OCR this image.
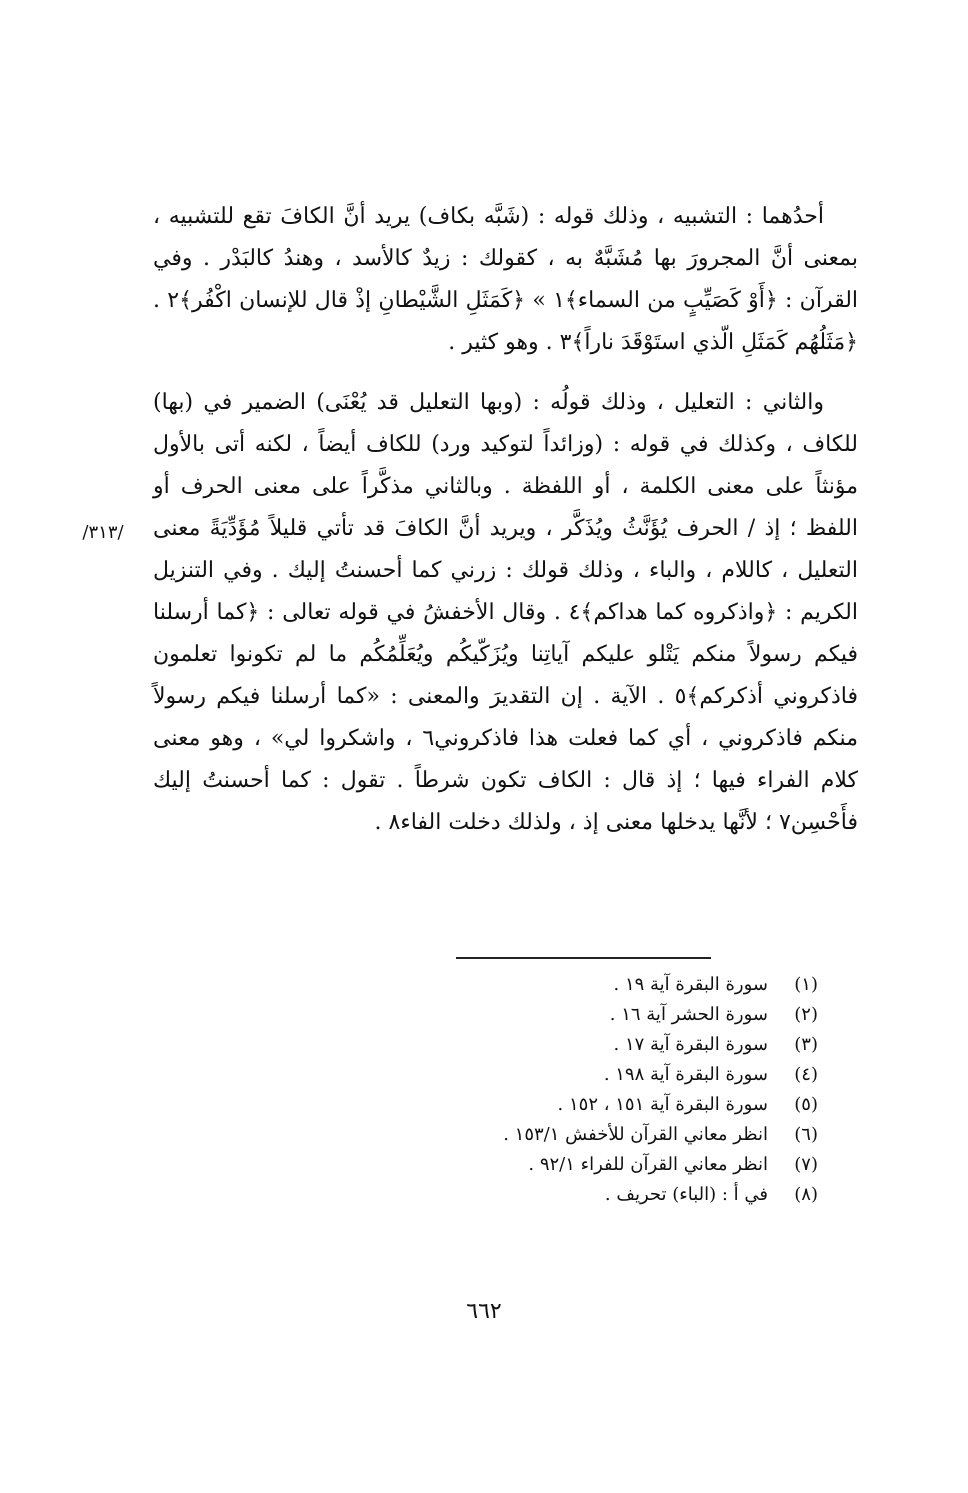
/٣١٣/

أحدُهما : التشبيه ، وذلك قوله : (شَبَّه بكاف) يريد أنَّ الكافَ تقع للتشبيه ، بمعنى أنَّ المجرورَ بها مُشَبَّهٌ به ، كقولك : زيدٌ كالأسد ، وهندُ كالبَدْر . وفي القرآن : ﴿أَوْ كَصَيِّبٍ من السماء﴾١ » ﴿كَمَثَلِ الشَّيْطانِ إذْ قال للإنسان اكْفُر﴾٢ . ﴿مَثَلُهُم كَمَثَلِ الّذي استَوْقَدَ ناراً﴾٣ . وهو كثير .

والثاني : التعليل ، وذلك قولُه : (وبها التعليل قد يُعْنَى) الضمير في (بها) للكاف ، وكذلك في قوله : (وزائداً لتوكيد ورد) للكاف أيضاً ، لكنه أتى بالأول مؤنثاً على معنى الكلمة ، أو اللفظة . وبالثاني مذكَّراً على معنى الحرف أو اللفظ ؛ إذ / الحرف يُؤَنَّثُ ويُذَكَّر ، ويريد أنَّ الكافَ قد تأتي قليلاً مُؤَدِّيَةً معنى التعليل ، كاللام ، والباء ، وذلك قولك : زرني كما أحسنتُ إليك . وفي التنزيل الكريم : ﴿واذكروه كما هداكم﴾٤ . وقال الأخفشُ في قوله تعالى : ﴿كما أرسلنا فيكم رسولاً منكم يَتْلو عليكم آياتِنا ويُزَكّيكُم ويُعَلِّمُكُم ما لم تكونوا تعلمون فاذكروني أذكركم﴾٥ . الآية . إن التقديرَ والمعنى : «كما أرسلنا فيكم رسولاً منكم فاذكروني ، أي كما فعلت هذا فاذكروني٦ ، واشكروا لي» ، وهو معنى كلام الفراء فيها ؛ إذ قال : الكاف تكون شرطاً . تقول : كما أحسنتُ إليك فأَحْسِن٧ ؛ لأنَّها يدخلها معنى إذ ، ولذلك دخلت الفاء٨ .

(١)
سورة البقرة آية ١٩ .
(٢)
سورة الحشر آية ١٦ .
(٣)
سورة البقرة آية ١٧ .
(٤)
سورة البقرة آية ١٩٨ .
(٥)
سورة البقرة آية ١٥١ ، ١٥٢ .
(٦)
انظر معاني القرآن للأخفش ١٥٣/١ .
(٧)
انظر معاني القرآن للفراء ٩٢/١ .
(٨)
في أ : (الباء) تحريف .
٦٦٢
